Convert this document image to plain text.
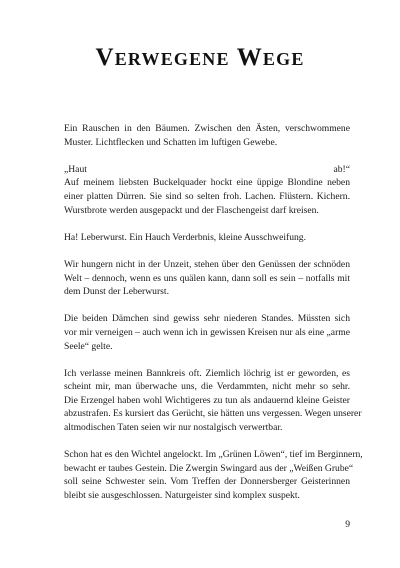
Verwegene Wege

Ein Rauschen in den Bäumen. Zwischen den Ästen, verschwommene
Muster. Lichtflecken und Schatten im luftigen Gewebe.

„Haut ab!“
Auf meinem liebsten Buckelquader hockt eine üppige Blondine neben
einer platten Dürren. Sie sind so selten froh. Lachen. Flüstern. Kichern.
Wurstbrote werden ausgepackt und der Flaschengeist darf kreisen.

Ha! Leberwurst. Ein Hauch Verderbnis, kleine Ausschweifung.

Wir hungern nicht in der Unzeit, stehen über den Genüssen der schnöden
Welt – dennoch, wenn es uns quälen kann, dann soll es sein – notfalls mit
dem Dunst der Leberwurst.

Die beiden Dämchen sind gewiss sehr niederen Standes. Müssten sich
vor mir verneigen – auch wenn ich in gewissen Kreisen nur als eine „arme
Seele“ gelte.

Ich verlasse meinen Bannkreis oft. Ziemlich löchrig ist er geworden, es
scheint mir, man überwache uns, die Verdammten, nicht mehr so sehr.
Die Erzengel haben wohl Wichtigeres zu tun als andauernd kleine Geister
abzustrafen. Es kursiert das Gerücht, sie hätten uns vergessen. Wegen unserer
altmodischen Taten seien wir nur nostalgisch verwertbar.

Schon hat es den Wichtel angelockt. Im „Grünen Löwen“, tief im Berginnern,
bewacht er taubes Gestein. Die Zwergin Swingard aus der „Weißen Grube“
soll seine Schwester sein. Vom Treffen der Donnersberger Geisterinnen
bleibt sie ausgeschlossen. Naturgeister sind komplex suspekt.

9
